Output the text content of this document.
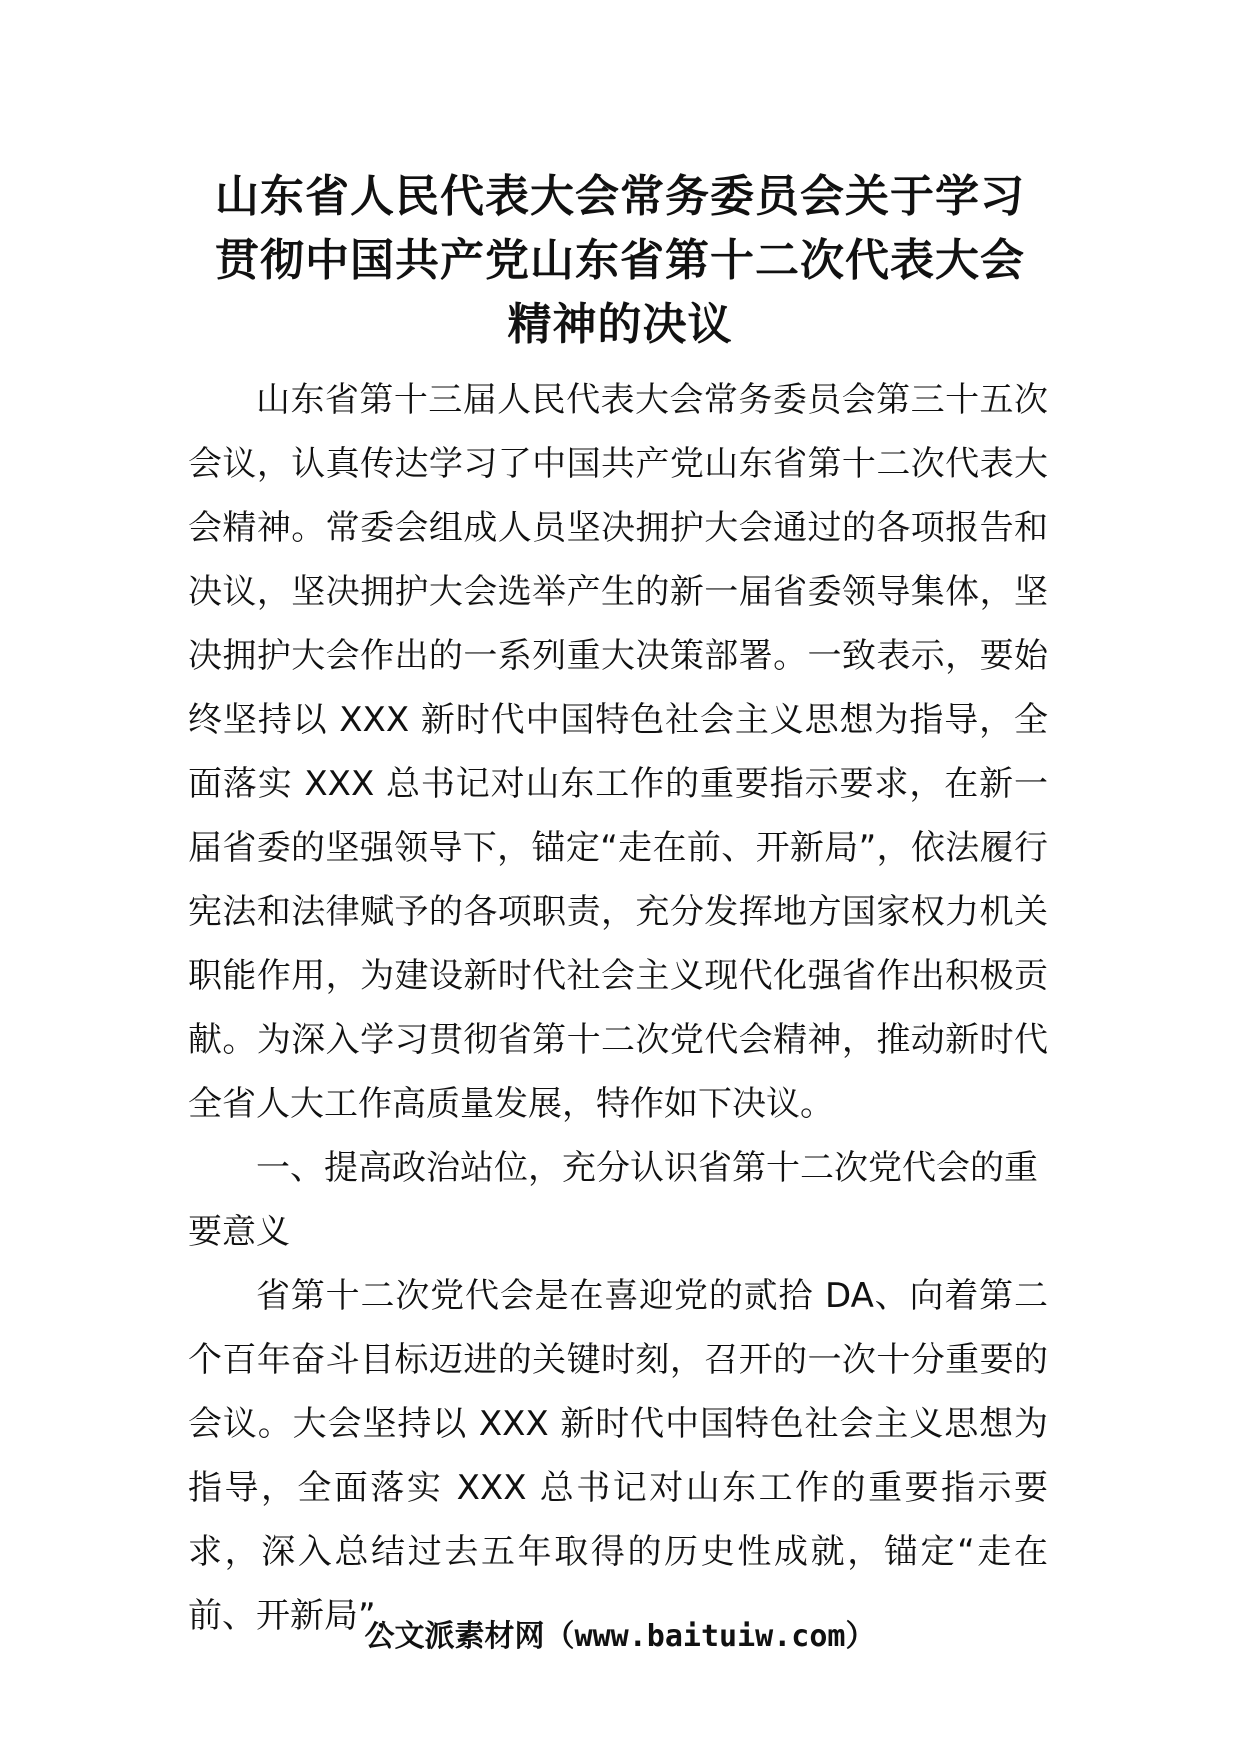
山东省人民代表大会常务委员会关于学习
贯彻中国共产党山东省第十二次代表大会
精神的决议

山东省第十三届人民代表大会常务委员会第三十五次会议，认真传达学习了中国共产党山东省第十二次代表大会精神。常委会组成人员坚决拥护大会通过的各项报告和决议，坚决拥护大会选举产生的新一届省委领导集体，坚决拥护大会作出的一系列重大决策部署。一致表示，要始终坚持以 XXX 新时代中国特色社会主义思想为指导，全面落实 XXX 总书记对山东工作的重要指示要求，在新一届省委的坚强领导下，锚定“走在前、开新局”，依法履行宪法和法律赋予的各项职责，充分发挥地方国家权力机关职能作用，为建设新时代社会主义现代化强省作出积极贡献。为深入学习贯彻省第十二次党代会精神，推动新时代全省人大工作高质量发展，特作如下决议。

一、提高政治站位，充分认识省第十二次党代会的重要意义

省第十二次党代会是在喜迎党的贰拾 DA、向着第二个百年奋斗目标迈进的关键时刻，召开的一次十分重要的会议。大会坚持以 XXX 新时代中国特色社会主义思想为指导，全面落实 XXX 总书记对山东工作的重要指示要求，深入总结过去五年取得的历史性成就，锚定“走在前、开新局”，

公文派素材网（www.baituiw.com）
